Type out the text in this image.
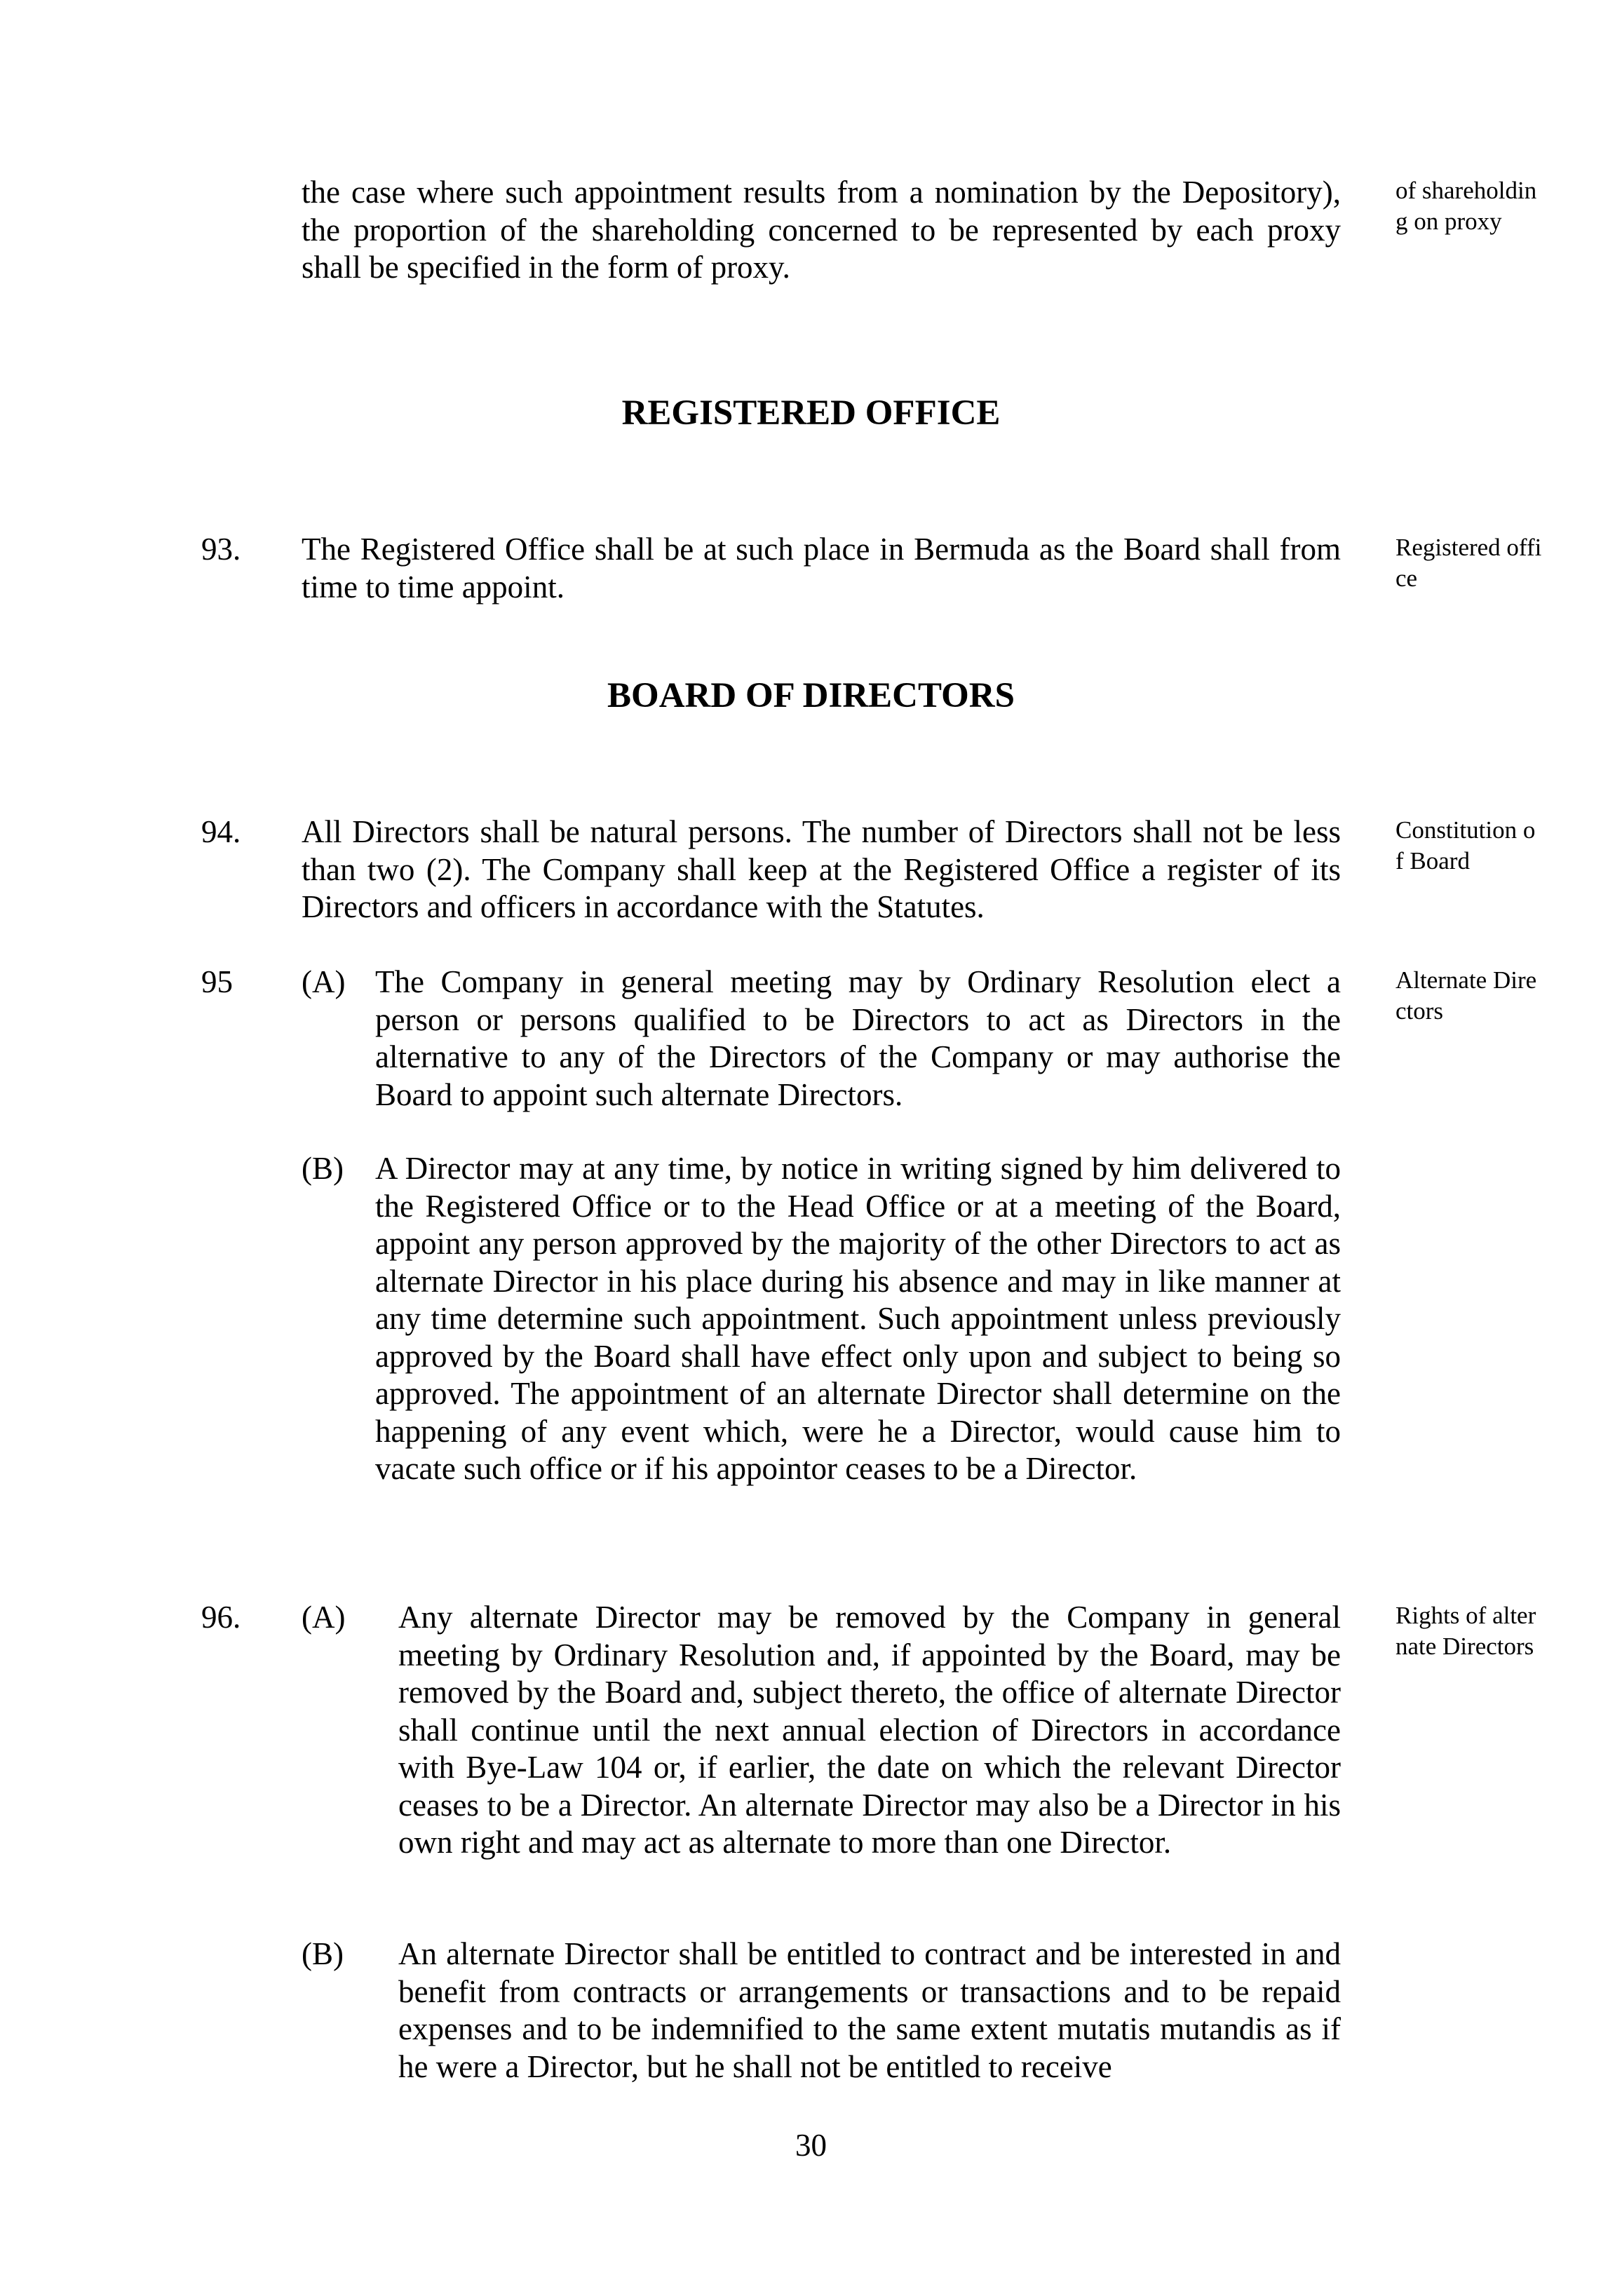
the case where such appointment results from a nomination by the Depository), the proportion of the shareholding concerned to be represented by each proxy shall be specified in the form of proxy.
of shareholding on proxy
REGISTERED OFFICE
93. The Registered Office shall be at such place in Bermuda as the Board shall from time to time appoint.
Registered office
BOARD OF DIRECTORS
94. All Directors shall be natural persons. The number of Directors shall not be less than two (2). The Company shall keep at the Registered Office a register of its Directors and officers in accordance with the Statutes.
Constitution of Board
95 (A) The Company in general meeting may by Ordinary Resolution elect a person or persons qualified to be Directors to act as Directors in the alternative to any of the Directors of the Company or may authorise the Board to appoint such alternate Directors.
Alternate Directors
(B) A Director may at any time, by notice in writing signed by him delivered to the Registered Office or to the Head Office or at a meeting of the Board, appoint any person approved by the majority of the other Directors to act as alternate Director in his place during his absence and may in like manner at any time determine such appointment. Such appointment unless previously approved by the Board shall have effect only upon and subject to being so approved. The appointment of an alternate Director shall determine on the happening of any event which, were he a Director, would cause him to vacate such office or if his appointor ceases to be a Director.
96. (A) Any alternate Director may be removed by the Company in general meeting by Ordinary Resolution and, if appointed by the Board, may be removed by the Board and, subject thereto, the office of alternate Director shall continue until the next annual election of Directors in accordance with Bye-Law 104 or, if earlier, the date on which the relevant Director ceases to be a Director. An alternate Director may also be a Director in his own right and may act as alternate to more than one Director.
Rights of alternate Directors
(B) An alternate Director shall be entitled to contract and be interested in and benefit from contracts or arrangements or transactions and to be repaid expenses and to be indemnified to the same extent mutatis mutandis as if he were a Director, but he shall not be entitled to receive
30
